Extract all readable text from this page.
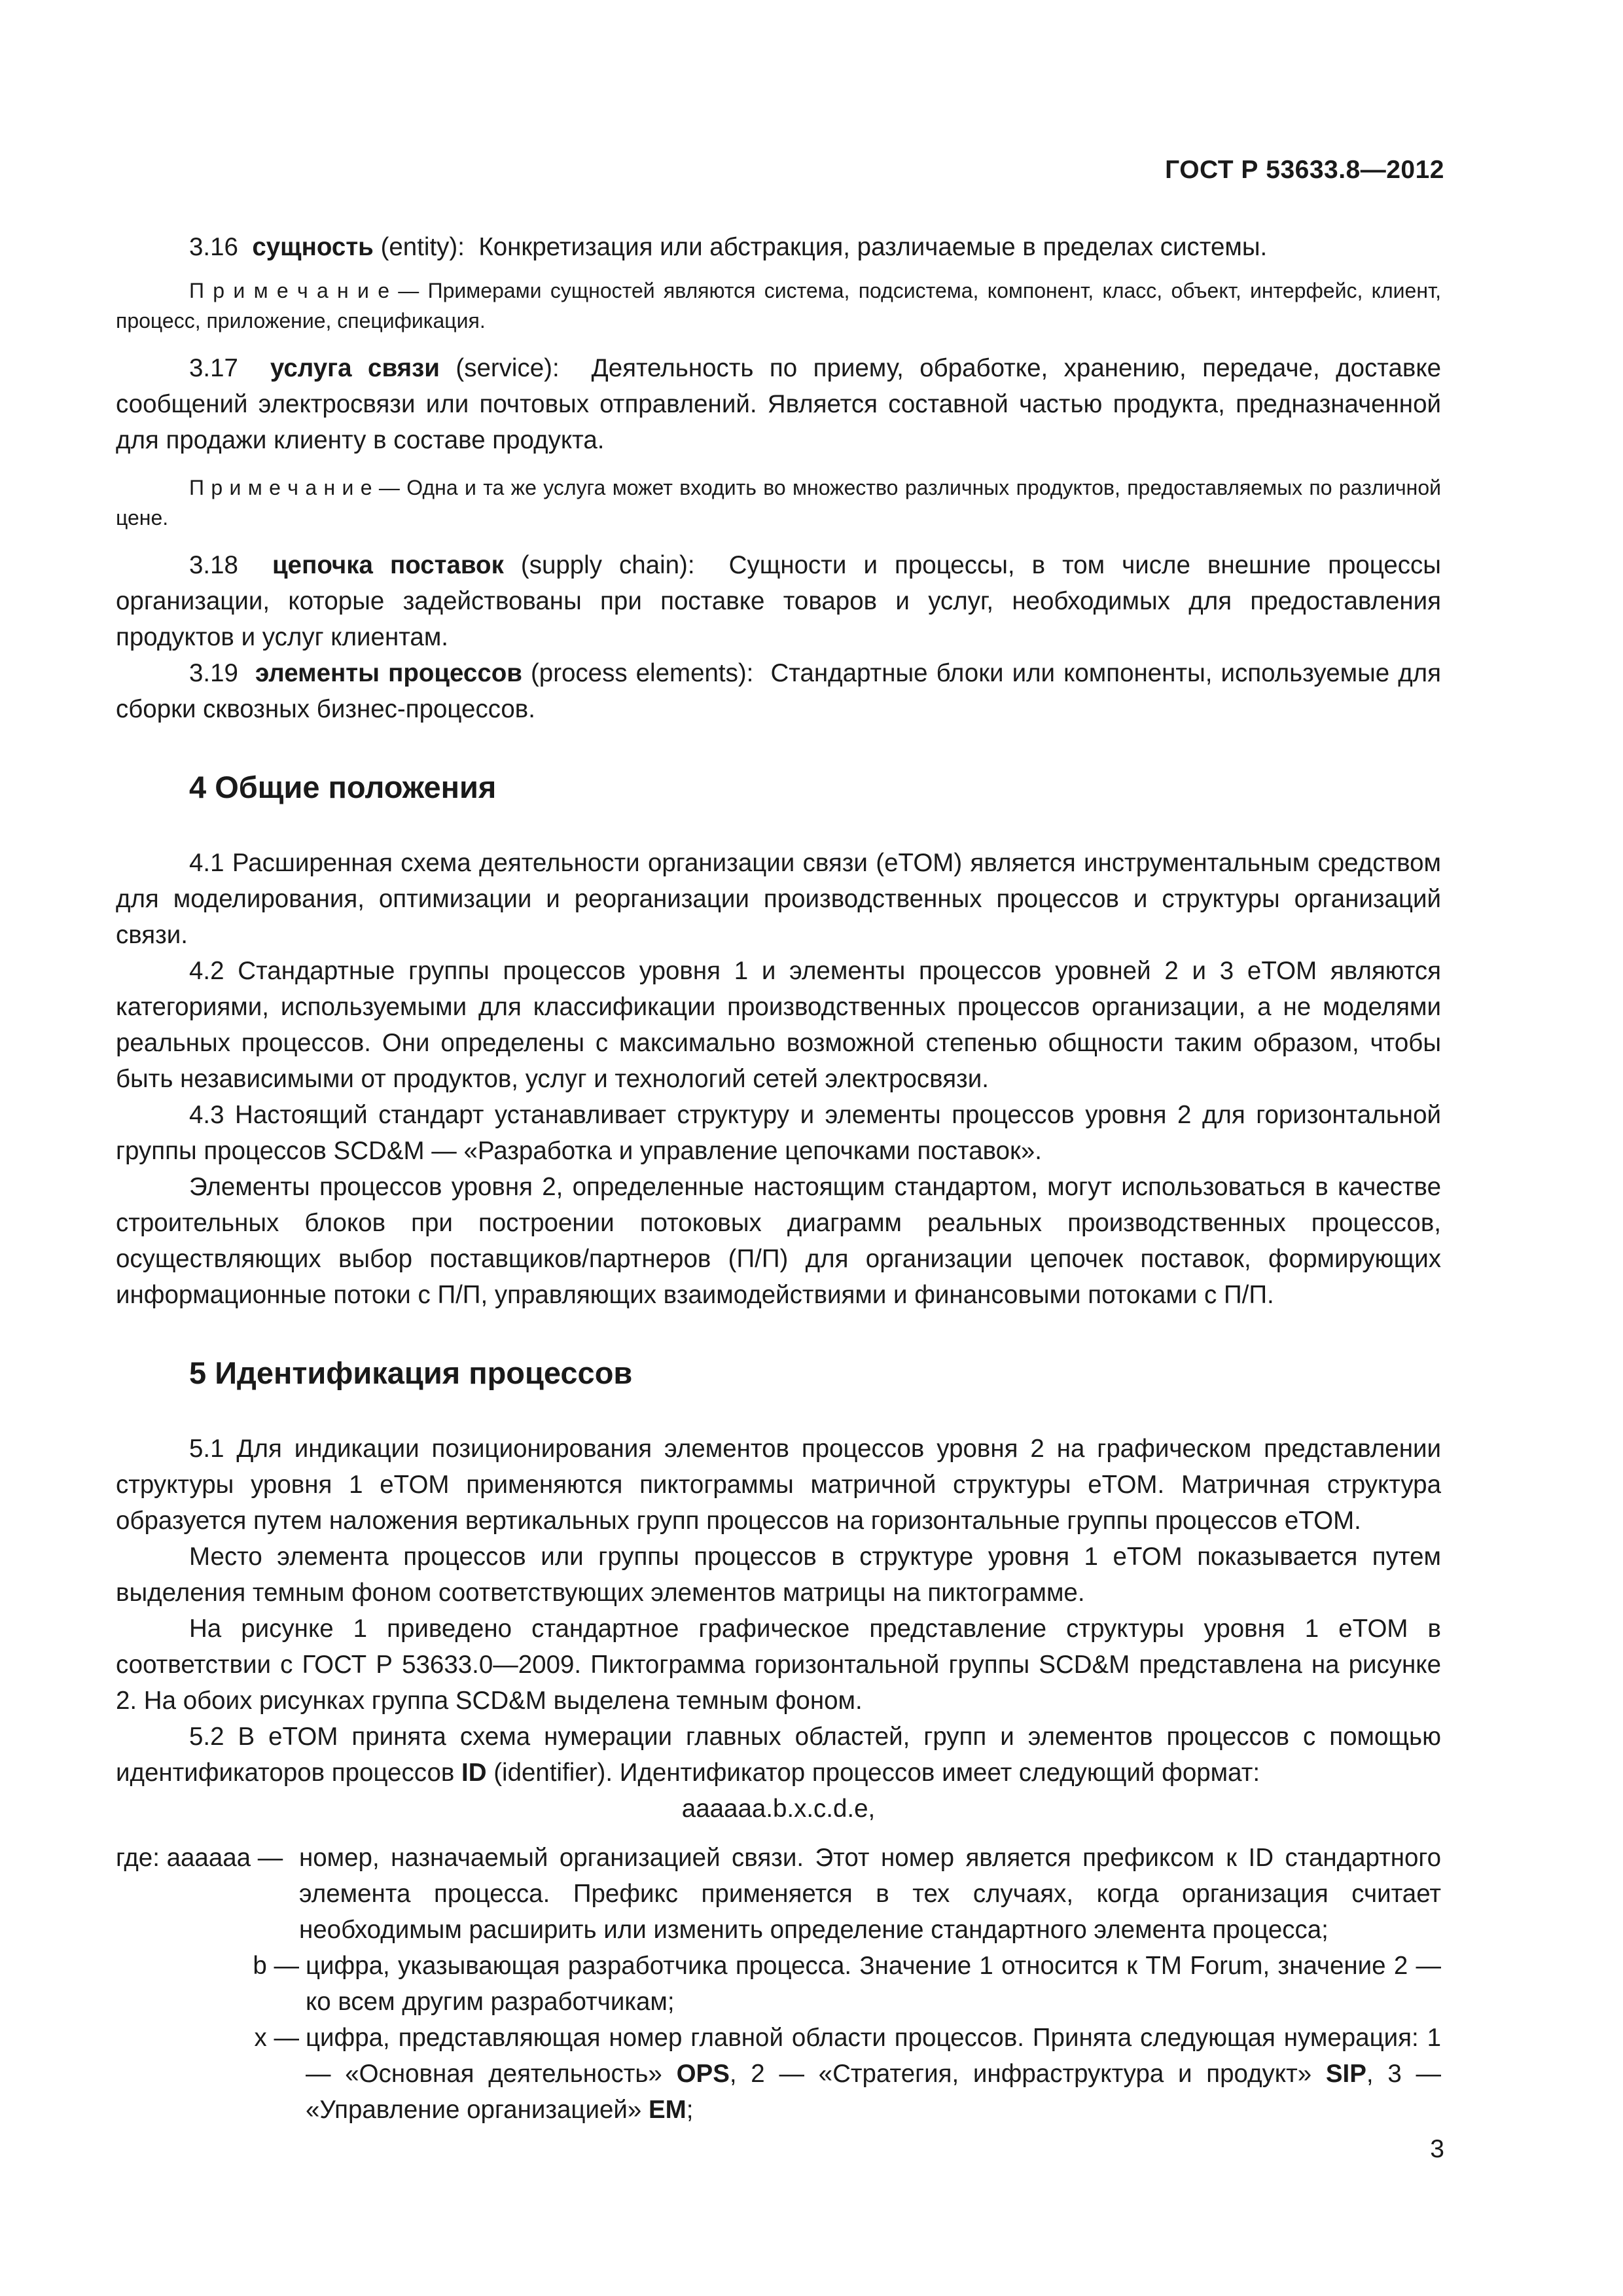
ГОСТ Р 53633.8—2012

3.16 сущность (entity): Конкретизация или абстракция, различаемые в пределах системы.

П р и м е ч а н и е — Примерами сущностей являются система, подсистема, компонент, класс, объект, интерфейс, клиент, процесс, приложение, спецификация.

3.17 услуга связи (service): Деятельность по приему, обработке, хранению, передаче, доставке сообщений электросвязи или почтовых отправлений. Является составной частью продукта, предназначенной для продажи клиенту в составе продукта.

П р и м е ч а н и е — Одна и та же услуга может входить во множество различных продуктов, предоставляемых по различной цене.

3.18 цепочка поставок (supply chain): Сущности и процессы, в том числе внешние процессы организации, которые задействованы при поставке товаров и услуг, необходимых для предоставления продуктов и услуг клиентам.

3.19 элементы процессов (process elements): Стандартные блоки или компоненты, используемые для сборки сквозных бизнес-процессов.

4 Общие положения

4.1 Расширенная схема деятельности организации связи (eTOM) является инструментальным средством для моделирования, оптимизации и реорганизации производственных процессов и структуры организаций связи.

4.2 Стандартные группы процессов уровня 1 и элементы процессов уровней 2 и 3 eTOM являются категориями, используемыми для классификации производственных процессов организации, а не моделями реальных процессов. Они определены с максимально возможной степенью общности таким образом, чтобы быть независимыми от продуктов, услуг и технологий сетей электросвязи.

4.3 Настоящий стандарт устанавливает структуру и элементы процессов уровня 2 для горизонтальной группы процессов SCD&M — «Разработка и управление цепочками поставок».

Элементы процессов уровня 2, определенные настоящим стандартом, могут использоваться в качестве строительных блоков при построении потоковых диаграмм реальных производственных процессов, осуществляющих выбор поставщиков/партнеров (П/П) для организации цепочек поставок, формирующих информационные потоки с П/П, управляющих взаимодействиями и финансовыми потоками с П/П.

5 Идентификация процессов

5.1 Для индикации позиционирования элементов процессов уровня 2 на графическом представлении структуры уровня 1 eTOM применяются пиктограммы матричной структуры eTOM. Матричная структура образуется путем наложения вертикальных групп процессов на горизонтальные группы процессов eTOM.

Место элемента процессов или группы процессов в структуре уровня 1 eTOM показывается путем выделения темным фоном соответствующих элементов матрицы на пиктограмме.

На рисунке 1 приведено стандартное графическое представление структуры уровня 1 eTOM в соответствии с ГОСТ Р 53633.0—2009. Пиктограмма горизонтальной группы SCD&M представлена на рисунке 2. На обоих рисунках группа SCD&M выделена темным фоном.

5.2 В eTOM принята схема нумерации главных областей, групп и элементов процессов с помощью идентификаторов процессов ID (identifier). Идентификатор процессов имеет следующий формат:

aaaaaa.b.x.c.d.e,

где: aaaaaa — номер, назначаемый организацией связи. Этот номер является префиксом к ID стандартного элемента процесса. Префикс применяется в тех случаях, когда организация считает необходимым расширить или изменить определение стандартного элемента процесса;
b — цифра, указывающая разработчика процесса. Значение 1 относится к TM Forum, значение 2 — ко всем другим разработчикам;
x — цифра, представляющая номер главной области процессов. Принята следующая нумерация: 1 — «Основная деятельность» OPS, 2 — «Стратегия, инфраструктура и продукт» SIP, 3 — «Управление организацией» EM;
3
